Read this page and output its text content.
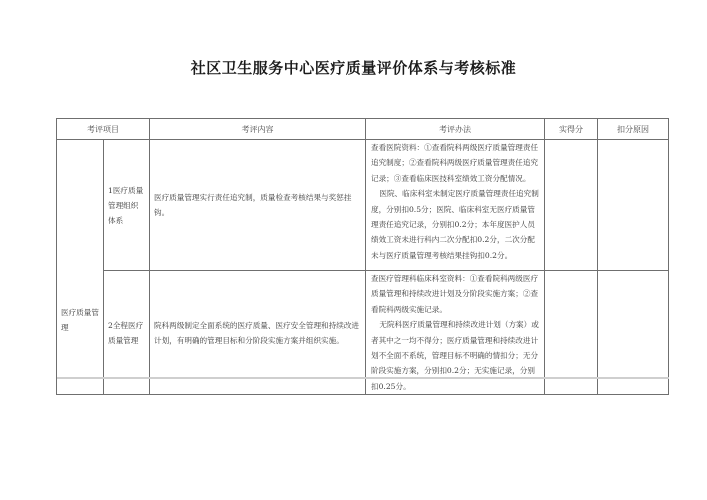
社区卫生服务中心医疗质量评价体系与考核标准
考评项目		考评内容	考评办法	实得分	扣分原因

医疗质量管理	1医疗质量管理组织体系	医疗质量管理实行责任追究制，质量检查考核结果与奖惩挂钩。	查看医院资料：①查看院科两级医疗质量管理责任追究制度；②查看院科两级医疗质量管理责任追究记录；③查看临床医技科室绩效工资分配情况。

医院、临床科室未制定医疗质量管理责任追究制度，分别扣0.5分；医院、临床科室无医疗质量管理责任追究记录，分别扣0.2分；本年度医护人员绩效工资未进行科内二次分配扣0.2分，二次分配未与医疗质量管理考核结果挂钩扣0.2分。		

	2全程医疗质量管理	院科两级制定全面系统的医疗质量、医疗安全管理和持续改进计划，有明确的管理目标和分阶段实施方案并组织实施。	查医疗管理科临床科室资料：①查看院科两级医疗质量管理和持续改进计划及分阶段实施方案；②查看院科两级实施记录。

无院科医疗质量管理和持续改进计划（方案）或者其中之一均不得分；医疗质量管理和持续改进计划不全面不系统，管理目标不明确的情扣分；无分阶段实施方案，分别扣0.2分；无实施记录，分别扣0.25分。		
